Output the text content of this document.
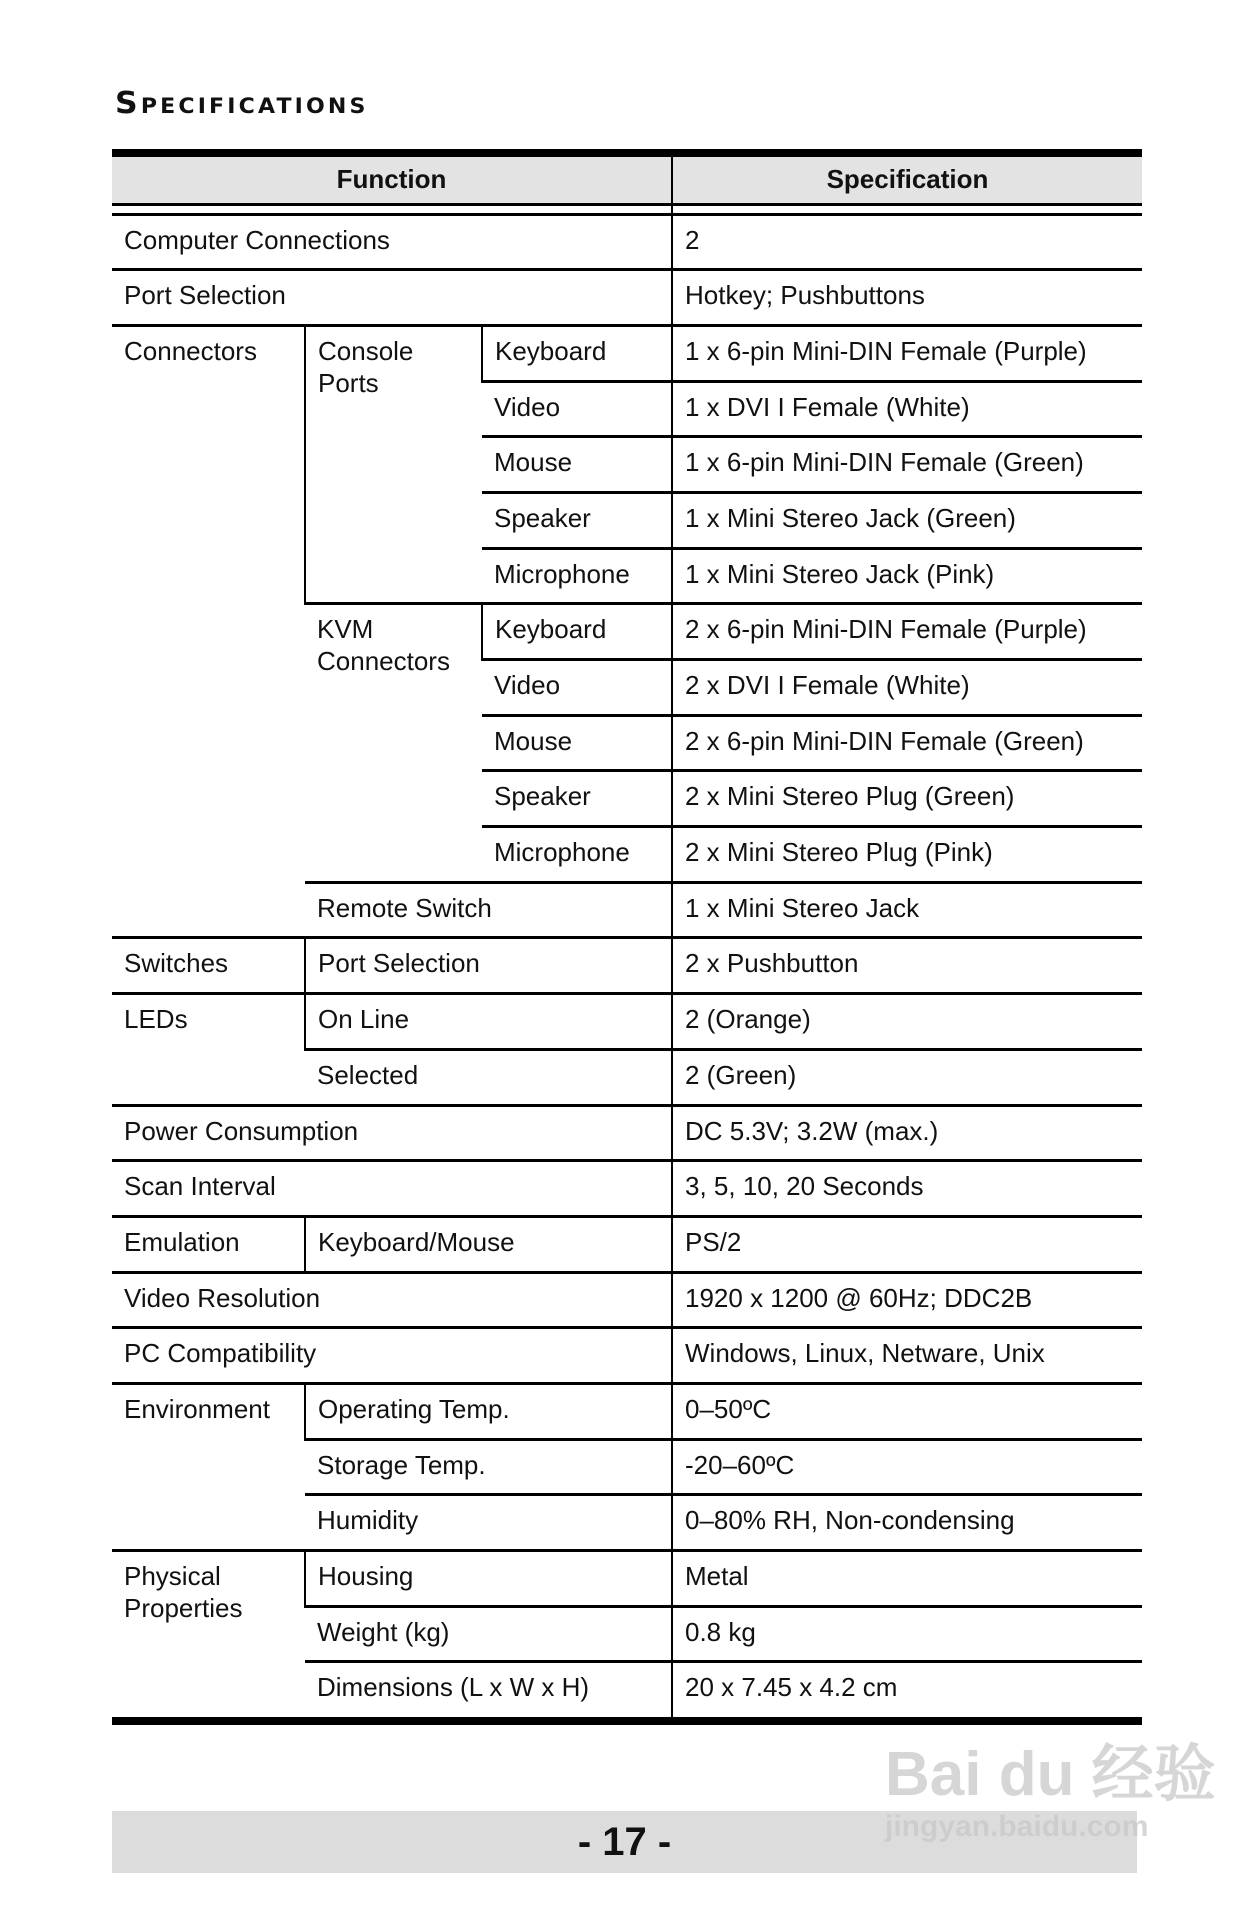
Specifications
Function			Specification

Computer Connections			2
Port Selection			Hotkey; Pushbuttons
Connectors	Console Ports	Keyboard	1 x 6-pin Mini-DIN Female (Purple)
		Video	1 x DVI I Female (White)
		Mouse	1 x 6-pin Mini-DIN Female (Green)
		Speaker	1 x Mini Stereo Jack (Green)
		Microphone	1 x Mini Stereo Jack (Pink)
	KVM Connectors	Keyboard	2 x 6-pin Mini-DIN Female (Purple)
		Video	2 x DVI I Female (White)
		Mouse	2 x 6-pin Mini-DIN Female (Green)
		Speaker	2 x Mini Stereo Plug (Green)
		Microphone	2 x Mini Stereo Plug (Pink)
	Remote Switch		1 x Mini Stereo Jack
Switches	Port Selection		2 x Pushbutton
LEDs	On Line		2 (Orange)
	Selected		2 (Green)
Power Consumption			DC 5.3V; 3.2W (max.)
Scan Interval			3, 5, 10, 20 Seconds
Emulation	Keyboard/Mouse		PS/2
Video Resolution			1920 x 1200 @ 60Hz; DDC2B
PC Compatibility			Windows, Linux, Netware, Unix
Environment	Operating Temp.		0–50ºC
	Storage Temp.		-20–60ºC
	Humidity		0–80% RH, Non-condensing
Physical Properties	Housing		Metal
	Weight (kg)		0.8 kg
	Dimensions (L x W x H)		20 x 7.45 x 4.2 cm
- 17 -
Bai du 经验
jingyan.baidu.com
